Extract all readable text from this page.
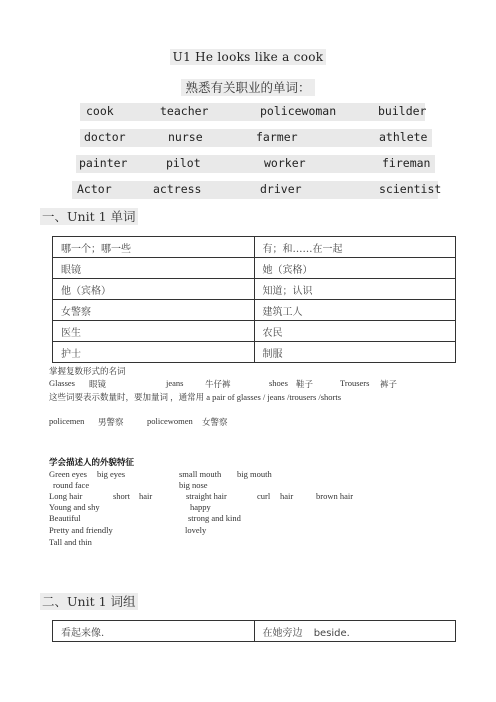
U1 He looks like a cook
熟悉有关职业的单词：
cook	teacher	policewoman	builder
doctor	nurse	farmer	athlete
painter	pilot	worker	fireman
Actor	actress	driver	scientist
一、Unit 1 单词
哪一个；哪一些	有；和……在一起
眼镜	她（宾格）
他（宾格）	知道；认识
女警察	建筑工人
医生	农民
护士	制服
掌握复数形式的名词
Glasses 眼镜	jeans	牛仔裤	shoes 鞋子	Trousers 裤子
这些词要表示数量时，要加量词 ，通常用 a pair of glasses / jeans /trousers /shorts
policemen 男警察	policewomen 女警察
学会描述人的外貌特征
Green eyes big eyes	small mouth big mouth
round face	big nose
Long hair	short hair	straight hair	curl hair	brown hair
Young and shy	happy
Beautiful	strong and kind
Pretty and friendly	lovely
Tall and thin
二、Unit 1 词组
看起来像.	在她旁边 beside.
